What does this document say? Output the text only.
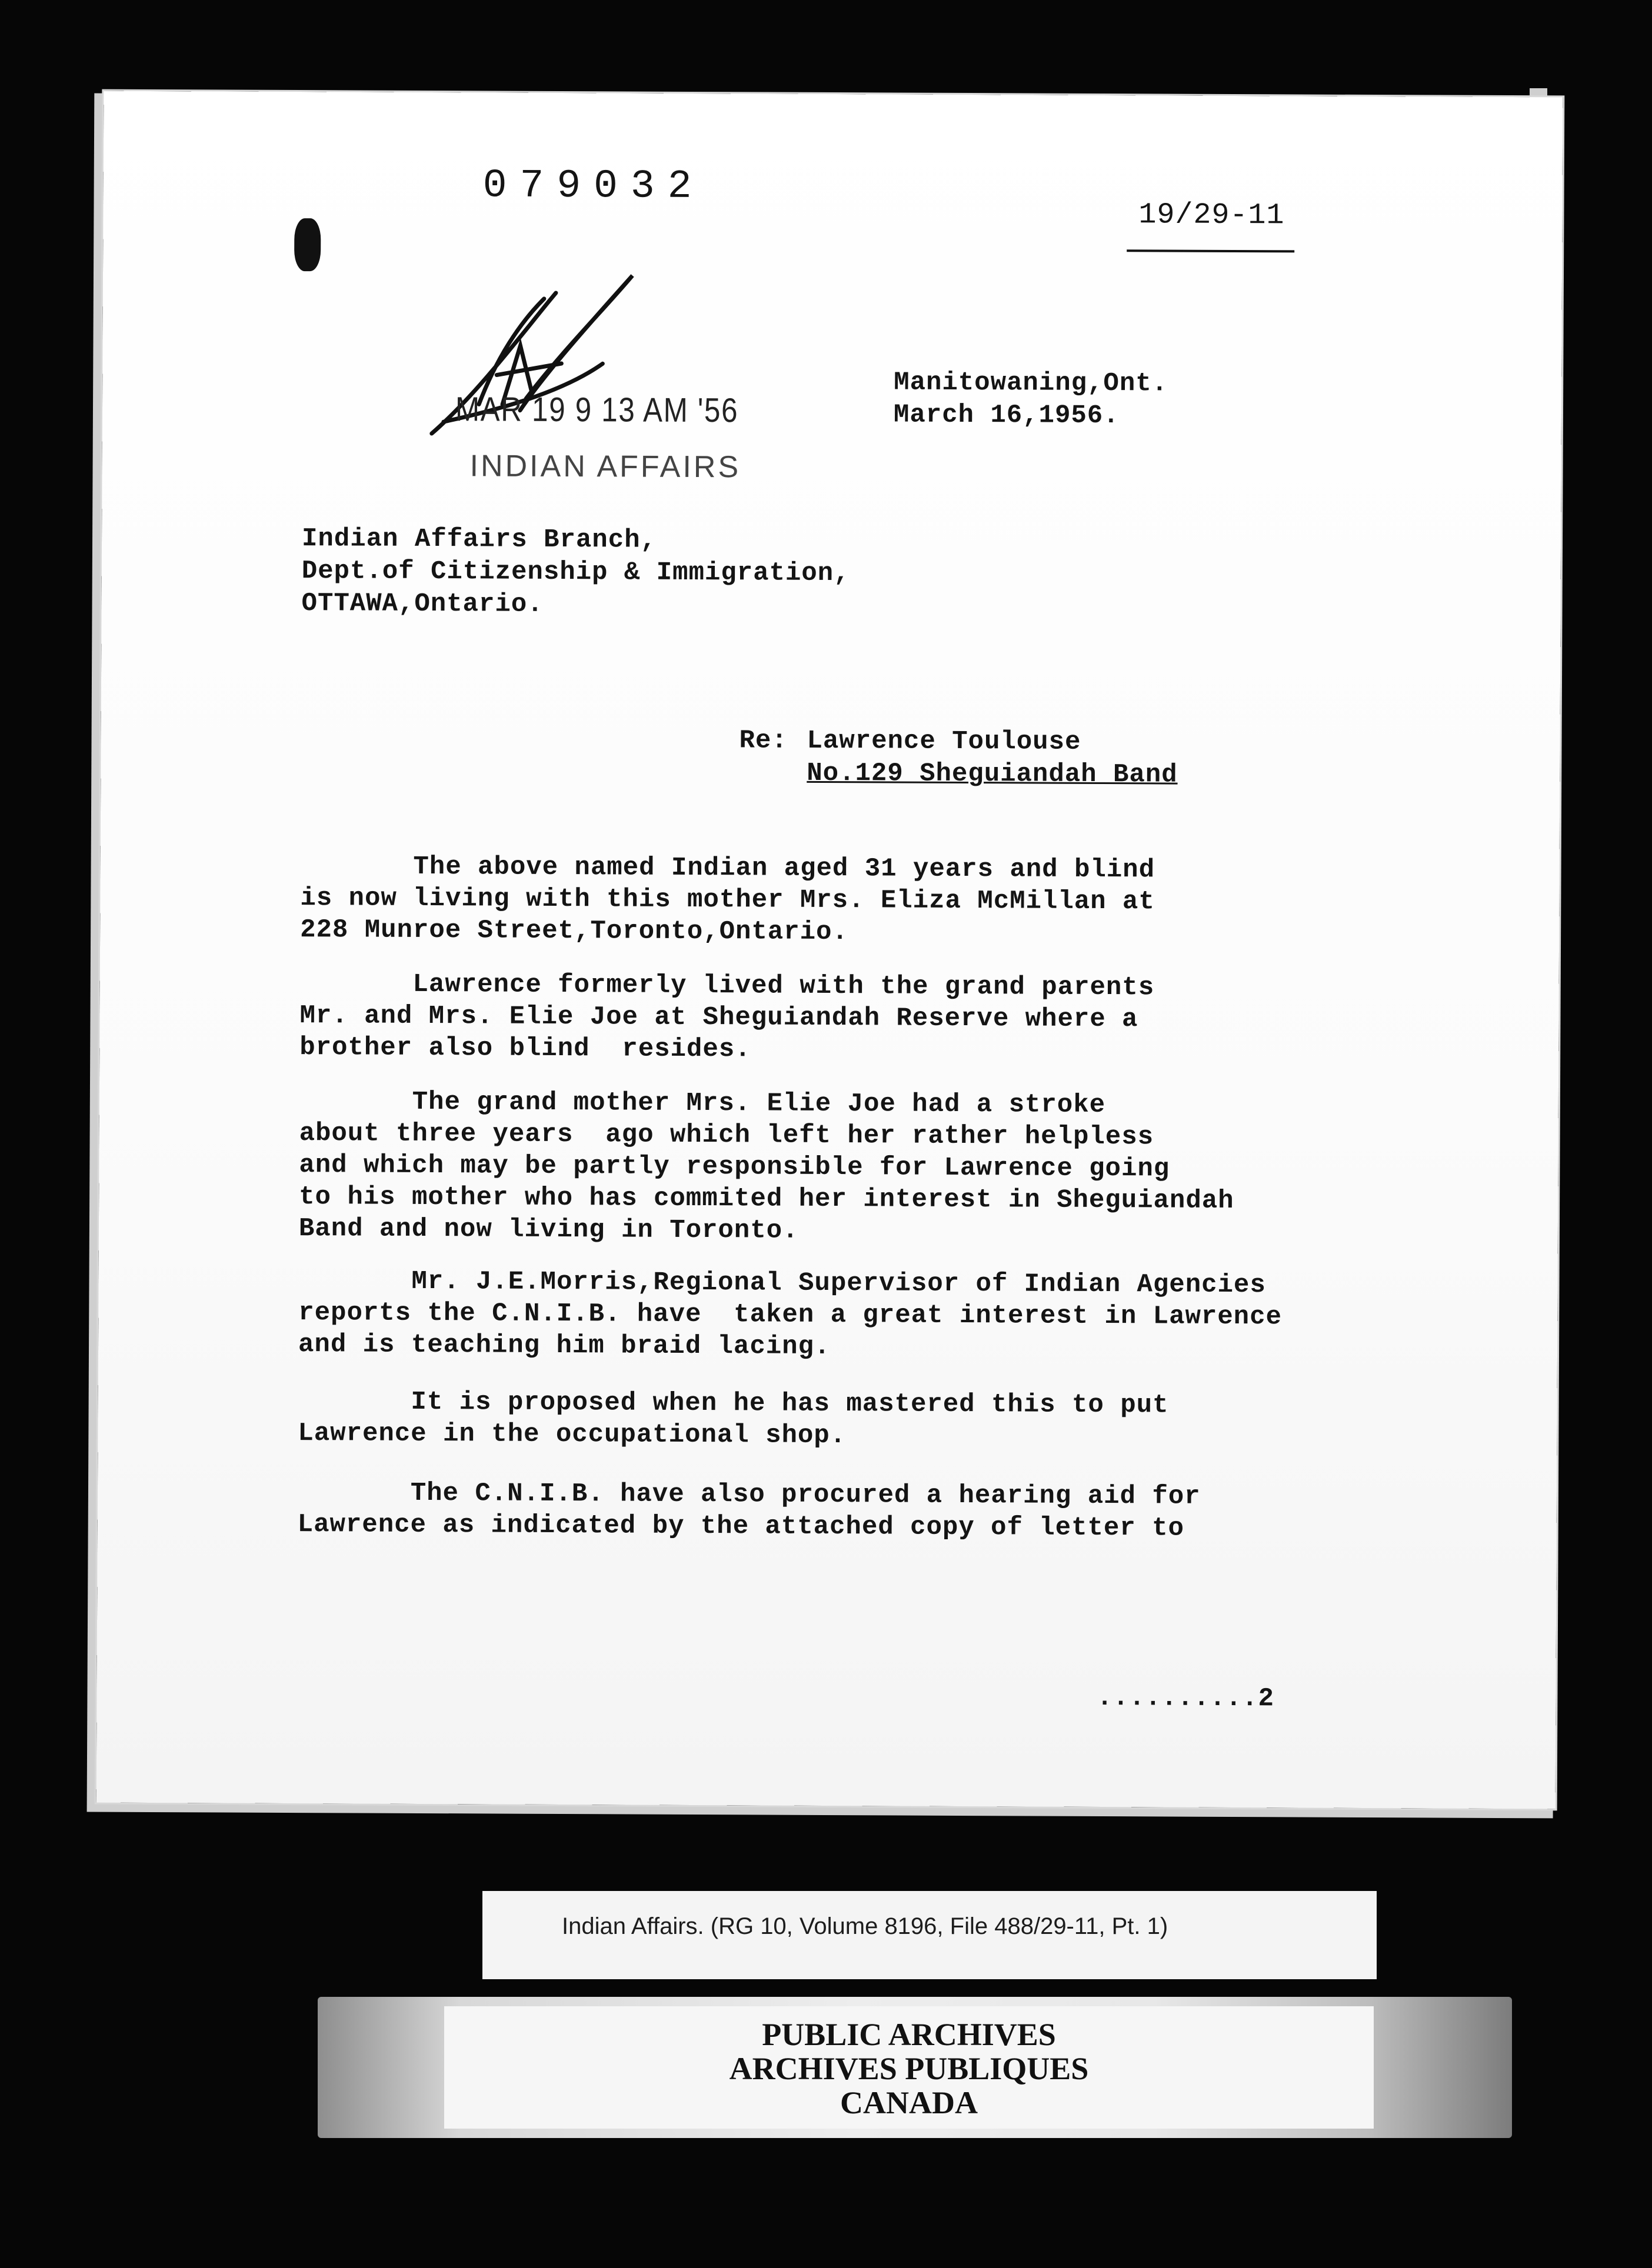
079032
19/29-11
MAR 19 9 13 AM '56
INDIAN AFFAIRS
Manitowaning,Ont.
March 16,1956.
Indian Affairs Branch,
Dept.of Citizenship & Immigration,
OTTAWA,Ontario.
Re: Lawrence Toulouse
No.129 Sheguiandah Band
The above named Indian aged 31 years and blind
is now living with this mother Mrs. Eliza McMillan at
228 Munroe Street,Toronto,Ontario.
Lawrence formerly lived with the grand parents
Mr. and Mrs. Elie Joe at Sheguiandah Reserve where a
brother also blind  resides.
The grand mother Mrs. Elie Joe had a stroke
about three years  ago which left her rather helpless
and which may be partly responsible for Lawrence going
to his mother who has commited her interest in Sheguiandah
Band and now living in Toronto.
Mr. J.E.Morris,Regional Supervisor of Indian Agencies
reports the C.N.I.B. have  taken a great interest in Lawrence
and is teaching him braid lacing.
It is proposed when he has mastered this to put
Lawrence in the occupational shop.
The C.N.I.B. have also procured a hearing aid for
Lawrence as indicated by the attached copy of letter to
..........2
Indian Affairs. (RG 10, Volume 8196, File 488/29-11, Pt. 1)
PUBLIC ARCHIVES
ARCHIVES PUBLIQUES
CANADA
